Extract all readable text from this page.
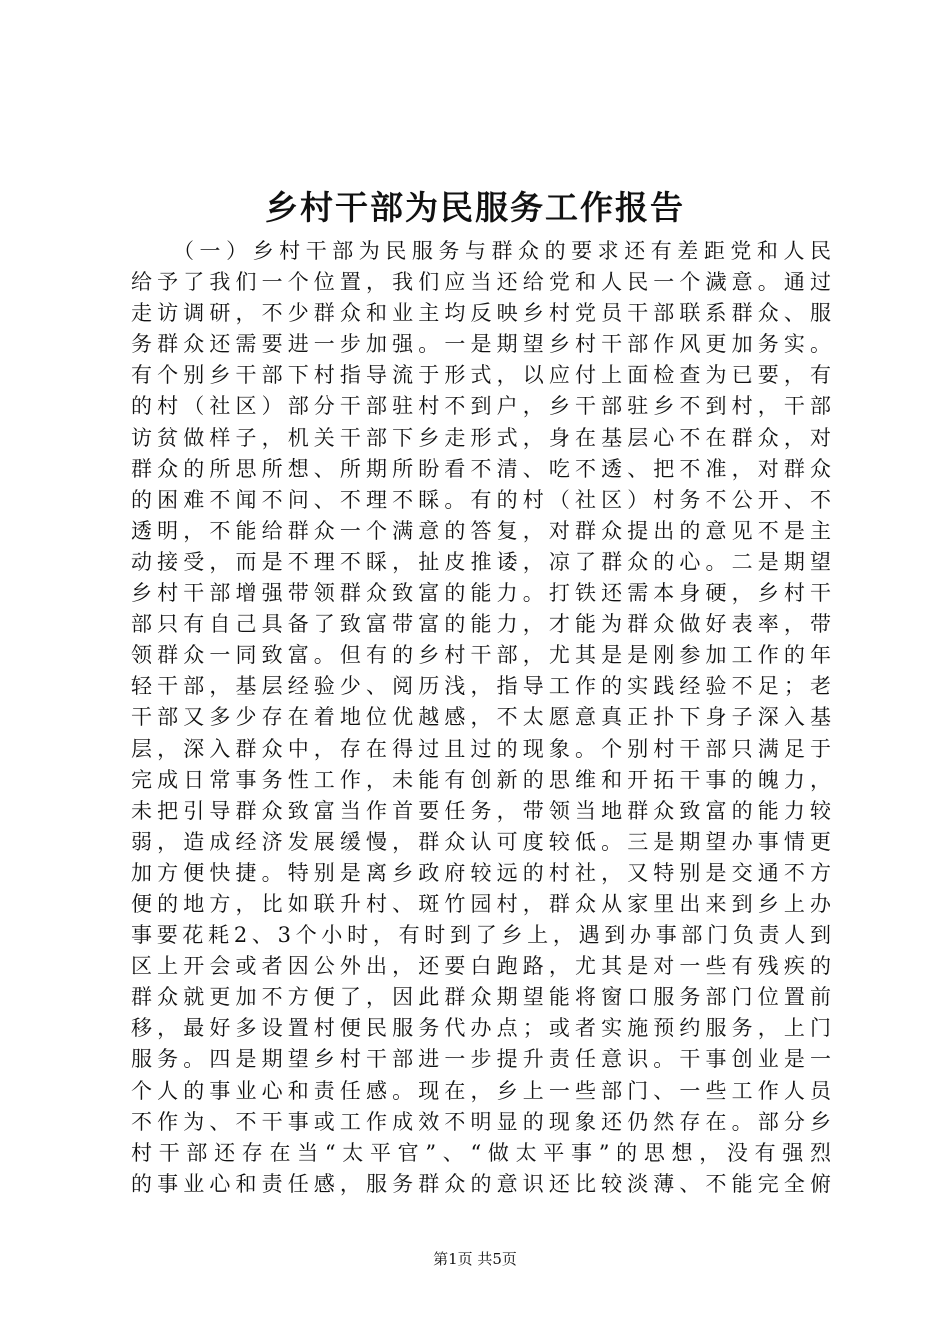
乡村干部为民服务工作报告
（一）乡村干部为民服务与群众的要求还有差距党和人民
给予了我们一个位置，我们应当还给党和人民一个濊意。通过
走访调研，不少群众和业主均反映乡村党员干部联系群众、服
务群众还需要进一步加强。一是期望乡村干部作风更加务实。
有个别乡干部下村指导流于形式，以应付上面检查为已要，有
的村（社区）部分干部驻村不到户，乡干部驻乡不到村，干部
访贫做样子，机关干部下乡走形式，身在基层心不在群众，对
群众的所思所想、所期所盼看不清、吃不透、把不准，对群众
的困难不闻不问、不理不睬。有的村（社区）村务不公开、不
透明，不能给群众一个满意的答复，对群众提出的意见不是主
动接受，而是不理不睬，扯皮推诿，凉了群众的心。二是期望
乡村干部增强带领群众致富的能力。打铁还需本身硬，乡村干
部只有自己具备了致富带富的能力，才能为群众做好表率，带
领群众一同致富。但有的乡村干部，尤其是是刚参加工作的年
轻干部，基层经验少、阅历浅，指导工作的实践经验不足；老
干部又多少存在着地位优越感，不太愿意真正扑下身子深入基
层，深入群众中，存在得过且过的现象。个别村干部只满足于
完成日常事务性工作，未能有创新的思维和开拓干事的魄力，
未把引导群众致富当作首要任务，带领当地群众致富的能力较
弱，造成经济发展缓慢，群众认可度较低。三是期望办事情更
加方便快捷。特别是离乡政府较远的村社，又特别是交通不方
便的地方，比如联升村、斑竹园村，群众从家里出来到乡上办
事要花耗2、3个小时，有时到了乡上，遇到办事部门负责人到
区上开会或者因公外出，还要白跑路，尤其是对一些有残疾的
群众就更加不方便了，因此群众期望能将窗口服务部门位置前
移，最好多设置村便民服务代办点；或者实施预约服务，上门
服务。四是期望乡村干部进一步提升责任意识。干事创业是一
个人的事业心和责任感。现在，乡上一些部门、一些工作人员
不作为、不干事或工作成效不明显的现象还仍然存在。部分乡
村干部还存在当“太平官”、“做太平事”的思想，没有强烈
的事业心和责任感，服务群众的意识还比较淡薄、不能完全俯
第1页 共5页
